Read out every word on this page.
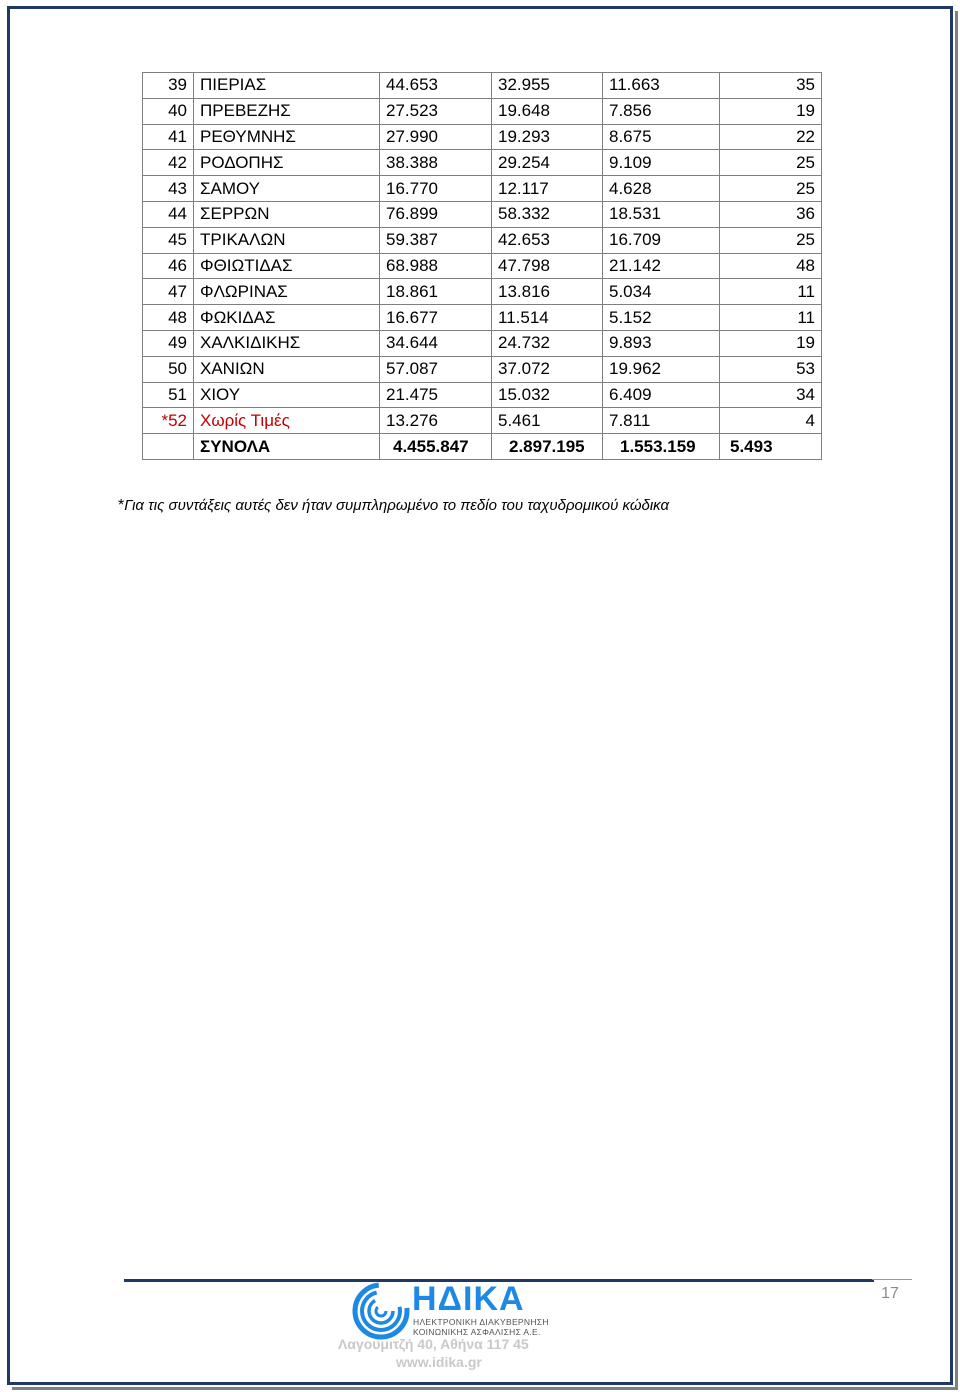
39	ΠΙΕΡΙΑΣ	44.653	32.955	11.663	35
40	ΠΡΕΒΕΖΗΣ	27.523	19.648	7.856	19
41	ΡΕΘΥΜΝΗΣ	27.990	19.293	8.675	22
42	ΡΟΔΟΠΗΣ	38.388	29.254	9.109	25
43	ΣΑΜΟΥ	16.770	12.117	4.628	25
44	ΣΕΡΡΩΝ	76.899	58.332	18.531	36
45	ΤΡΙΚΑΛΩΝ	59.387	42.653	16.709	25
46	ΦΘΙΩΤΙΔΑΣ	68.988	47.798	21.142	48
47	ΦΛΩΡΙΝΑΣ	18.861	13.816	5.034	11
48	ΦΩΚΙΔΑΣ	16.677	11.514	5.152	11
49	ΧΑΛΚΙΔΙΚΗΣ	34.644	24.732	9.893	19
50	ΧΑΝΙΩΝ	57.087	37.072	19.962	53
51	ΧΙΟΥ	21.475	15.032	6.409	34
*52	Χωρίς Τιμές	13.276	5.461	7.811	4
	ΣΥΝΟΛΑ	4.455.847	2.897.195	1.553.159	5.493
*Για τις συντάξεις αυτές δεν ήταν συμπληρωμένο το πεδίο του ταχυδρομικού κώδικα
17
ΗΔΙΚΑ
ΗΛΕΚΤΡΟΝΙΚΗ ΔΙΑΚΥΒΕΡΝΗΣΗ
ΚΟΙΝΩΝΙΚΗΣ ΑΣΦΑΛΙΣΗΣ Α.Ε.
Λαγουμιτζή 40, Αθήνα 117 45
www.idika.gr
